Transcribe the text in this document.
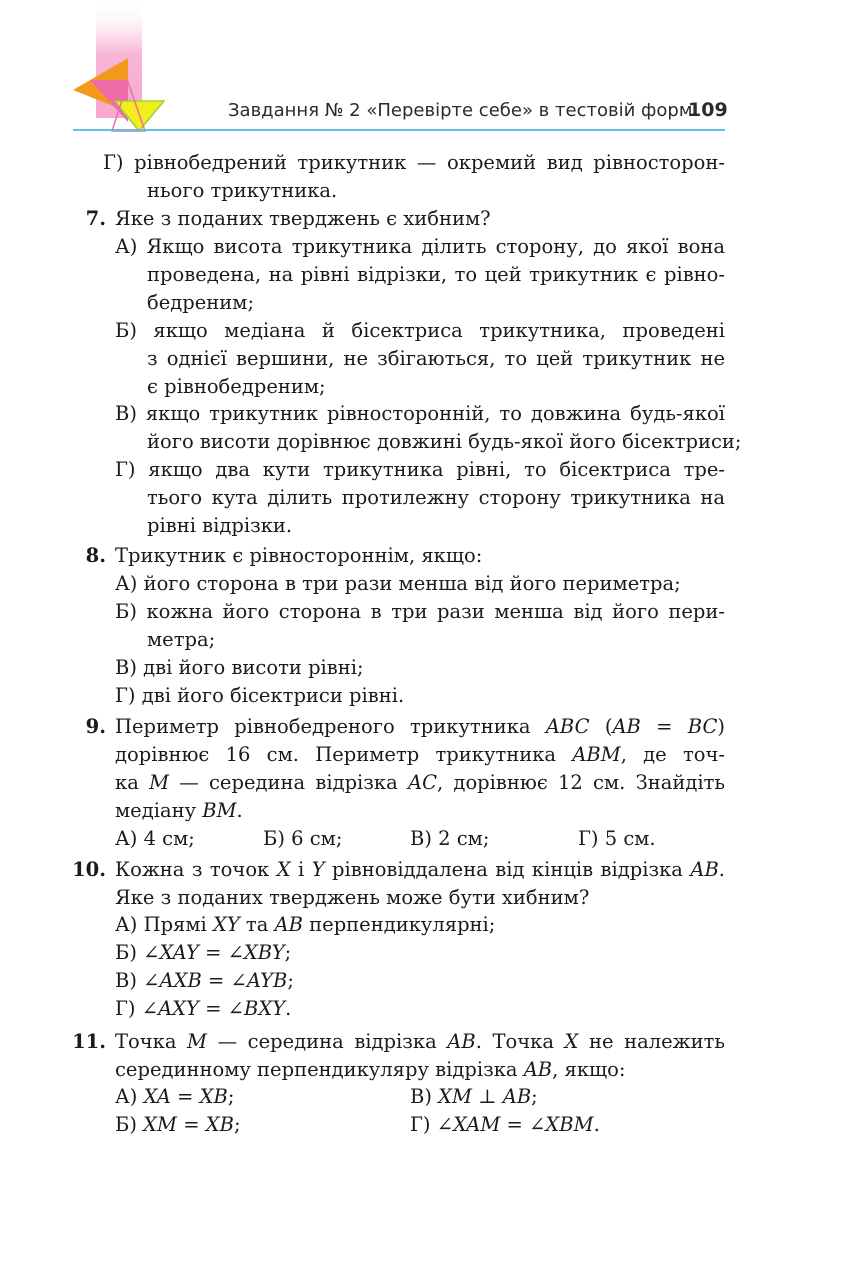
Завдання № 2 «Перевірте себе» в тестовій формі
109
Г) рівнобедрений трикутник — окремий вид рівносторон-
нього трикутника.
7. Яке з поданих тверджень є хибним?
А) Якщо висота трикутника ділить сторону, до якої вона
проведена, на рівні відрізки, то цей трикутник є рівно-
бедреним;
Б) якщо медіана й бісектриса трикутника, проведені
з однієї вершини, не збігаються, то цей трикутник не
є рівнобедреним;
В) якщо трикутник рівносторонній, то довжина будь-якої
його висоти дорівнює довжині будь-якої його бісектриси;
Г) якщо два кути трикутника рівні, то бісектриса тре-
тього кута ділить протилежну сторону трикутника на
рівні відрізки.
8. Трикутник є рівностороннім, якщо:
А) його сторона в три рази менша від його периметра;
Б) кожна його сторона в три рази менша від його пери-
метра;
В) дві його висоти рівні;
Г) дві його бісектриси рівні.
9. Периметр рівнобедреного трикутника ABC (AB = BC)
дорівнює 16 см. Периметр трикутника ABM, де точ-
ка M — середина відрізка AC, дорівнює 12 см. Знайдіть
медіану BM.
А) 4 см;	Б) 6 см;	В) 2 см;	Г) 5 см.
10. Кожна з точок X і Y рівновіддалена від кінців відрізка AB.
Яке з поданих тверджень може бути хибним?
А) Прямі XY та AB перпендикулярні;
Б) ∠XAY = ∠XBY;
В) ∠AXB = ∠AYB;
Г) ∠AXY = ∠BXY.
11. Точка M — середина відрізка AB. Точка X не належить
серединному перпендикуляру відрізка AB, якщо:
А) XA = XB;	В) XM ⊥ AB;
Б) XM = XB;	Г) ∠XAM = ∠XBM.
